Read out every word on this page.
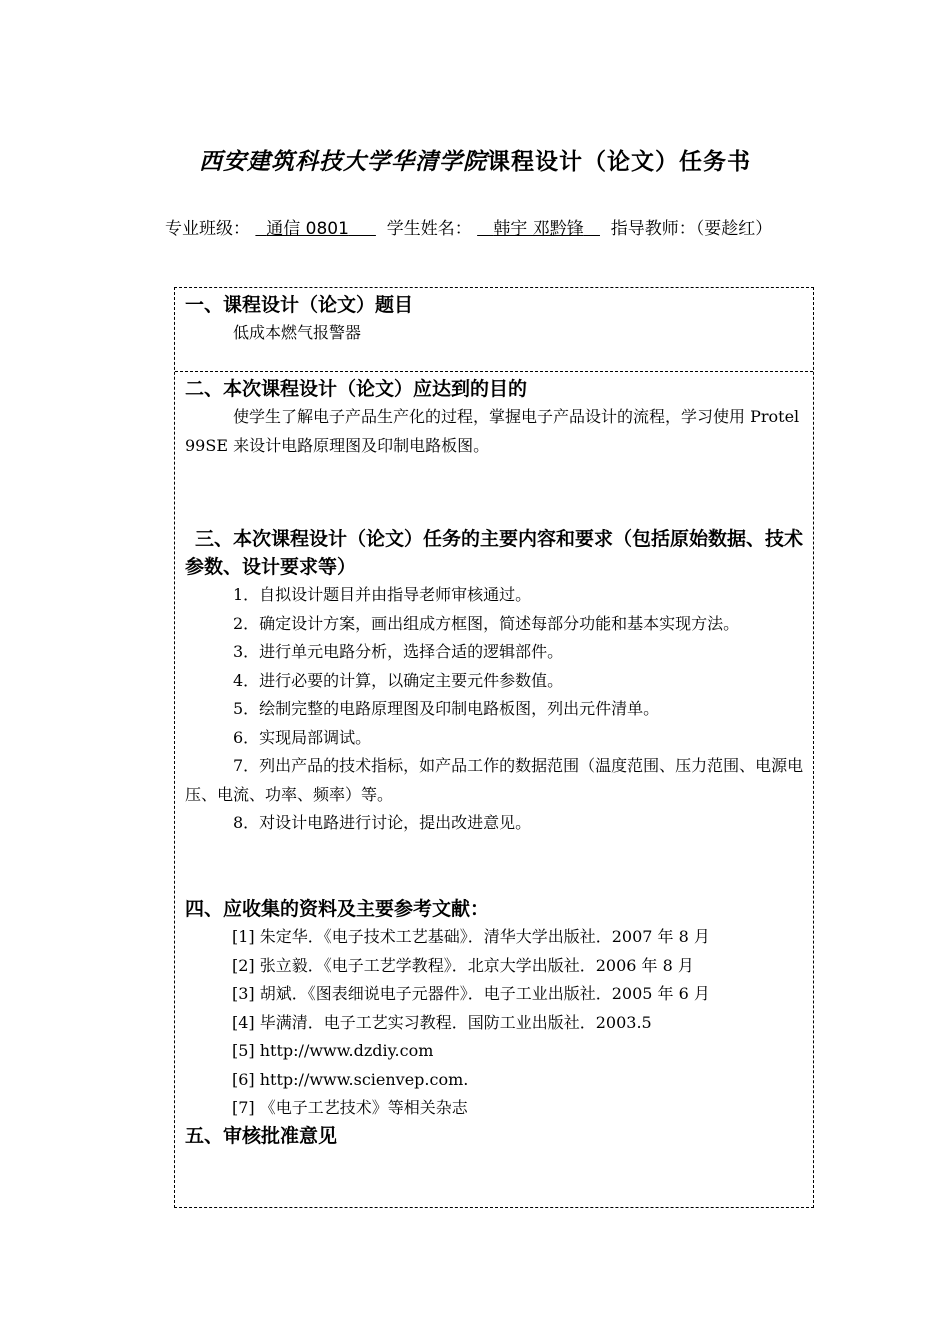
西安建筑科技大学华清学院课程设计（论文）任务书
专业班级： 通信 0801 学生姓名： 韩宇 邓黔锋 指导教师：（要趁红）
一、课程设计（论文）题目
低成本燃气报警器
二、本次课程设计（论文）应达到的目的
使学生了解电子产品生产化的过程，掌握电子产品设计的流程，学习使用 Protel 99SE 来设计电路原理图及印制电路板图。
三、本次课程设计（论文）任务的主要内容和要求（包括原始数据、技术参数、设计要求等）
1．自拟设计题目并由指导老师审核通过。
2．确定设计方案，画出组成方框图，简述每部分功能和基本实现方法。
3．进行单元电路分析，选择合适的逻辑部件。
4．进行必要的计算，以确定主要元件参数值。
5．绘制完整的电路原理图及印制电路板图，列出元件清单。
6．实现局部调试。
7．列出产品的技术指标，如产品工作的数据范围（温度范围、压力范围、电源电压、电流、功率、频率）等。
8．对设计电路进行讨论，提出改进意见。
四、应收集的资料及主要参考文献：
[1] 朱定华．《电子技术工艺基础》．清华大学出版社．2007 年 8 月
[2] 张立毅．《电子工艺学教程》．北京大学出版社．2006 年 8 月
[3] 胡斌．《图表细说电子元器件》．电子工业出版社．2005 年 6 月
[4] 毕满清．电子工艺实习教程．国防工业出版社．2003.5
[5] http://www.dzdiy.com
[6] http://www.scienvep.com.
[7] 《电子工艺技术》等相关杂志
五、审核批准意见
